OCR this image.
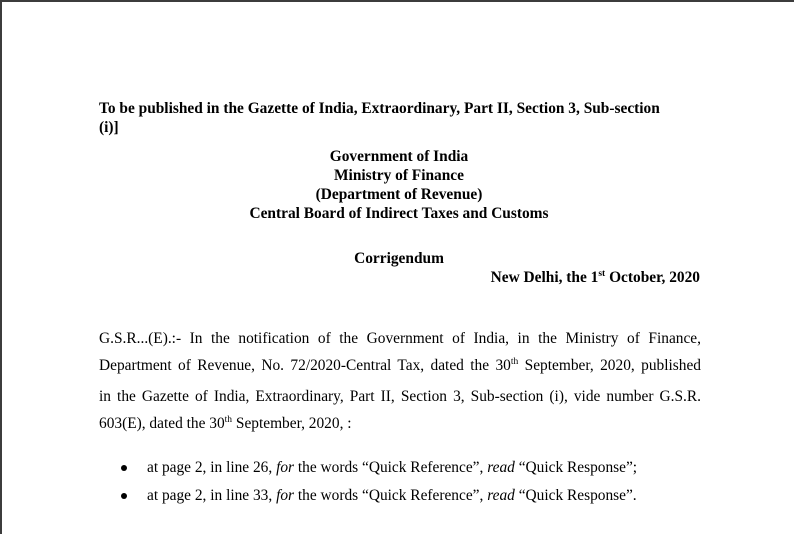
To be published in the Gazette of India, Extraordinary, Part II, Section 3, Sub-section
(i)]
Government of India
Ministry of Finance
(Department of Revenue)
Central Board of Indirect Taxes and Customs
Corrigendum
New Delhi, the 1st October, 2020
G.S.R...(E).:- In the notification of the Government of India, in the Ministry of Finance,
Department of Revenue, No. 72/2020-Central Tax, dated the 30th September, 2020, published
in the Gazette of India, Extraordinary, Part II, Section 3, Sub-section (i), vide number G.S.R.
603(E), dated the 30th September, 2020, :
at page 2, in line 26, for the words “Quick Reference”, read “Quick Response”;
at page 2, in line 33, for the words “Quick Reference”, read “Quick Response”.
